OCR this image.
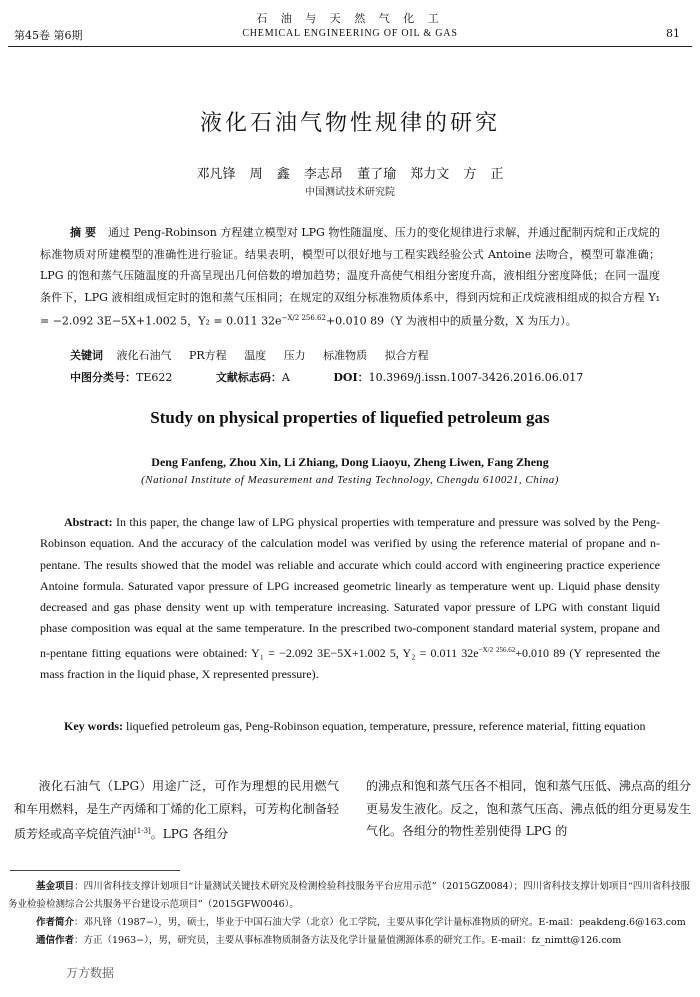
石 油 与 天 然 气 化 工
CHEMICAL ENGINEERING OF OIL & GAS
第45卷 第6期	81
液化石油气物性规律的研究
邓凡锋 周 鑫 李志昂 董了瑜 郑力文 方 正
中国测试技术研究院
摘 要 通过 Peng-Robinson 方程建立模型对 LPG 物性随温度、压力的变化规律进行求解，并通过配制丙烷和正戊烷的标准物质对所建模型的准确性进行验证。结果表明，模型可以很好地与工程实践经验公式 Antoine 法吻合，模型可靠准确；LPG 的饱和蒸气压随温度的升高呈现出几何倍数的增加趋势；温度升高使气相组分密度升高，液相组分密度降低；在同一温度条件下，LPG 液相组成恒定时的饱和蒸气压相同；在规定的双组分标准物质体系中，得到丙烷和正戊烷液相组成的拟合方程 Y₁ = −2.092 3E−5X+1.002 5，Y₂ = 0.011 $32e^{-X/2 256.62}+0.010$ 89（Y 为液相中的质量分数，X 为压力）。
关键词 液化石油气 PR方程 温度 压力 标准物质 拟合方程
中图分类号：TE622	文献标志码：A	DOI：10.3969/j.issn.1007-3426.2016.06.017
Study on physical properties of liquefied petroleum gas
Deng Fanfeng, Zhou Xin, Li Zhiang, Dong Liaoyu, Zheng Liwen, Fang Zheng
(National Institute of Measurement and Testing Technology, Chengdu 610021, China)
Abstract: In this paper, the change law of LPG physical properties with temperature and pressure was solved by the Peng-Robinson equation. And the accuracy of the calculation model was verified by using the reference material of propane and n-pentane. The results showed that the model was reliable and accurate which could accord with engineering practice experience Antoine formula. Saturated vapor pressure of LPG increased geometric linearly as temperature went up. Liquid phase density decreased and gas phase density went up with temperature increasing. Saturated vapor pressure of LPG with constant liquid phase composition was equal at the same temperature. In the prescribed two-component standard material system, propane and n-pentane fitting equations were obtained: Y₁ = −2.092 3E−5X+1.002 5, Y₂ = 0.011 $32e^{-X/2 256.62}+0.010$ 89 (Y represented the mass fraction in the liquid phase, X represented pressure).
Key words: liquefied petroleum gas, Peng-Robinson equation, temperature, pressure, reference material, fitting equation
液化石油气（LPG）用途广泛，可作为理想的民用燃气和车用燃料，是生产丙烯和丁烯的化工原料，可芳构化制备轻质芳烃或高辛烷值汽油[1-3]。LPG 各组分
的沸点和饱和蒸气压各不相同，饱和蒸气压低、沸点高的组分更易发生液化。反之，饱和蒸气压高、沸点低的组分更易发生气化。各组分的物性差别使得 LPG 的

基金项目：四川省科技支撑计划项目“计量测试关键技术研究及检测检验科技服务平台应用示范”（2015GZ0084）；四川省科技支撑计划项目“四川省科技服务业检验检测综合公共服务平台建设示范项目”（2015GFW0046）。

作者简介：邓凡锋（1987−），男，硕士，毕业于中国石油大学（北京）化工学院，主要从事化学计量标准物质的研究。E-mail：peakdeng.6@163.com

通信作者：方正（1963−），男，研究员，主要从事标准物质制备方法及化学计量量值溯源体系的研究工作。E-mail：fz_nimtt@126.com

万方数据
